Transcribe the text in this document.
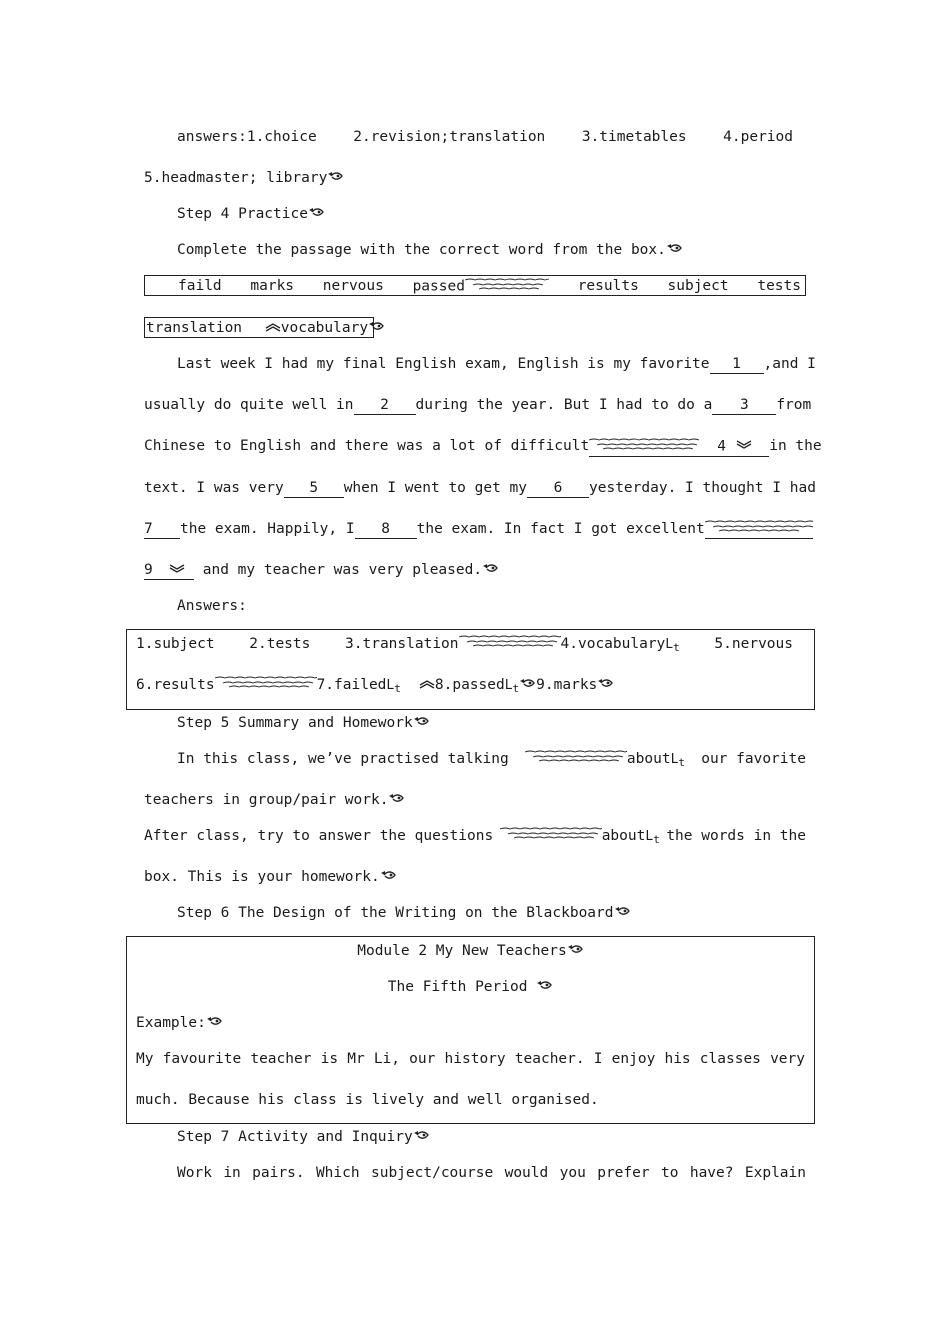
answers:1.choice	2.revision;translation	3.timetables	4.period
5.headmaster; library
Step 4 Practice
Complete the passage with the correct word from the box.
faild marks nervous passed	results subject tests
translation	vocabulary
Last week I had my final English exam, English is my favorite	1 ,and I
usually do quite well in 2 during the year. But I had to do a 3	from
Chinese to English and there was a lot of difficult	4	in the
text. I was very 5 when I went to get my 6	yesterday. I thought I had
7 the exam. Happily, I 8 the exam. In fact I got excellent
9	and my teacher was very pleased.
Answers:
1.subject 2.tests 3.translation	4.vocabularyL$_t$ 5.nervous
6.results	7.failedL$_t$ 8.passedL$_t$ 9.marks
Step 5 Summary and Homework
In this class, we’ve practised talking	aboutL$_t$ our favorite
teachers in group/pair work.
After class, try to answer the questions	aboutL$_t$ the words in the
box. This is your homework.
Step 6 The Design of the Writing on the Blackboard
Module 2 My New Teachers
The Fifth Period
Example:
My favourite teacher is Mr Li, our history teacher. I enjoy his classes very
much. Because his class is lively and well organised.
Step 7 Activity and Inquiry
Work in pairs. Which subject/course would you prefer to have? Explain
